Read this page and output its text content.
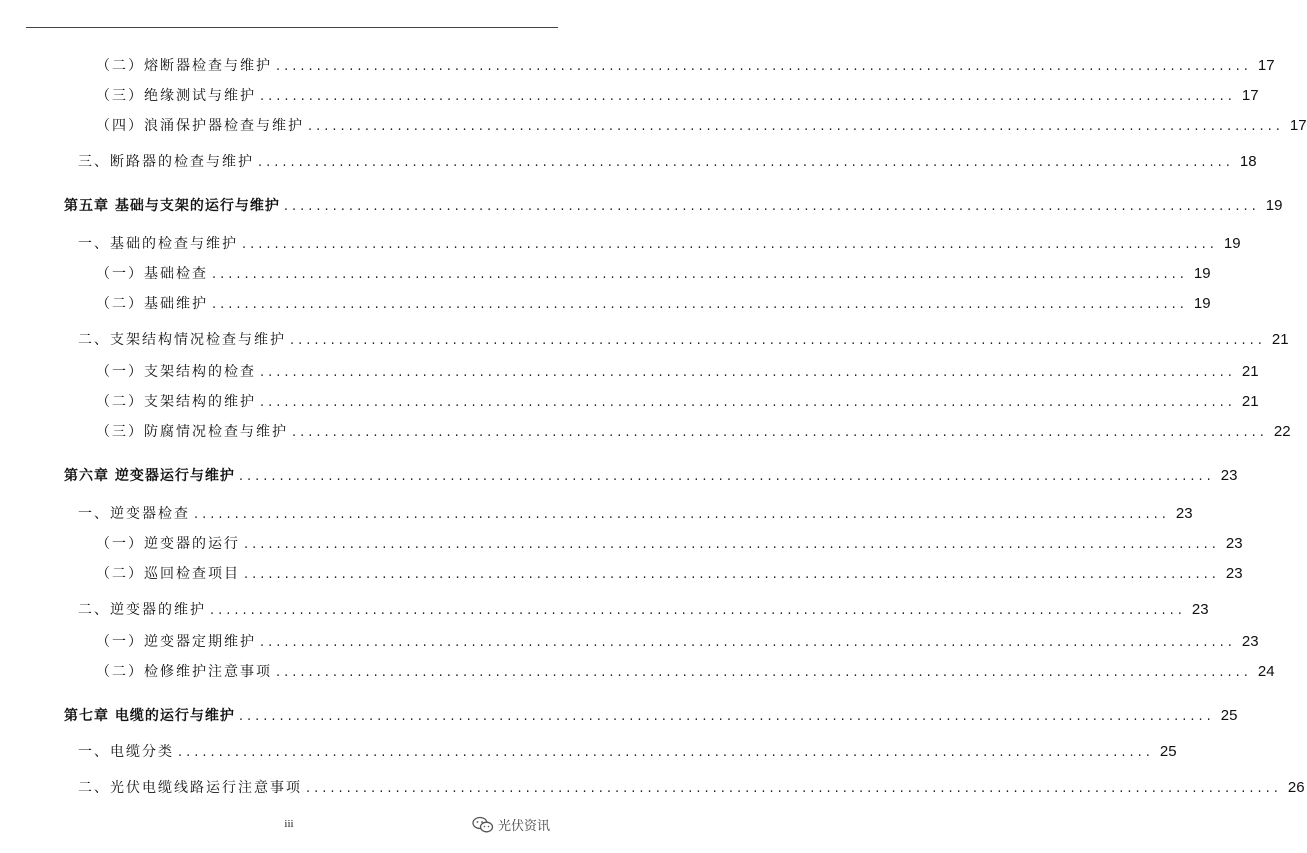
（二）熔断器检查与维护 ........................................................................................................................ 17
（三）绝缘测试与维护 ........................................................................................................................ 17
（四）浪涌保护器检查与维护 ........................................................................................................................ 17
三、断路器的检查与维护 ........................................................................................................................ 18
第五章 基础与支架的运行与维护 ........................................................................................................................ 19
一、基础的检查与维护 ........................................................................................................................ 19
（一）基础检查 ........................................................................................................................ 19
（二）基础维护 ........................................................................................................................ 19
二、支架结构情况检查与维护 ........................................................................................................................ 21
（一）支架结构的检查 ........................................................................................................................ 21
（二）支架结构的维护 ........................................................................................................................ 21
（三）防腐情况检查与维护 ........................................................................................................................ 22
第六章 逆变器运行与维护 ........................................................................................................................ 23
一、逆变器检查 ........................................................................................................................ 23
（一）逆变器的运行 ........................................................................................................................ 23
（二）巡回检查项目 ........................................................................................................................ 23
二、逆变器的维护 ........................................................................................................................ 23
（一）逆变器定期维护 ........................................................................................................................ 23
（二）检修维护注意事项 ........................................................................................................................ 24
第七章 电缆的运行与维护 ........................................................................................................................ 25
一、电缆分类 ........................................................................................................................ 25
二、光伏电缆线路运行注意事项 ........................................................................................................................ 26
iii	光伏资讯
